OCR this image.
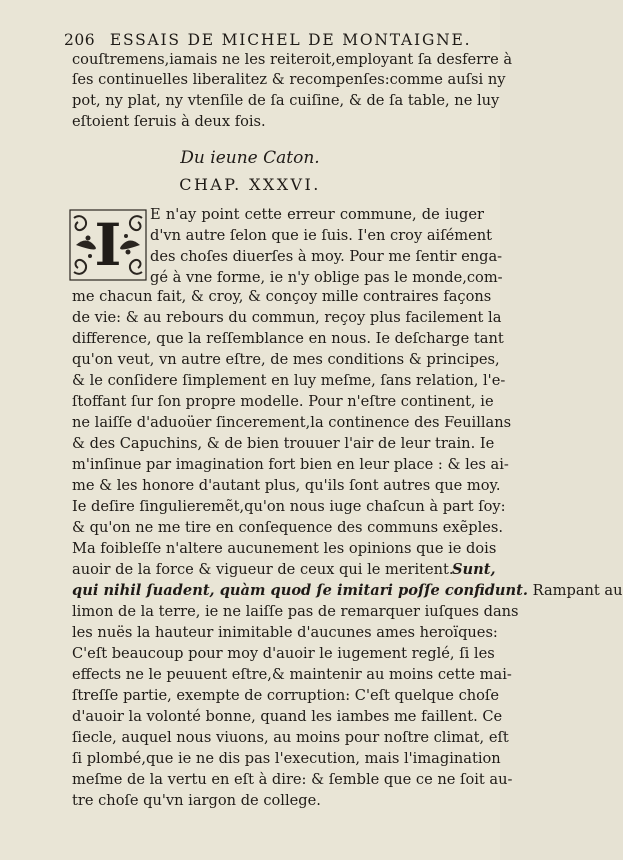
206 ESSAIS DE MICHEL DE MONTAIGNE.
couſtremens,iamais ne les reiteroit,employant ſa desferre à
ſes continuelles liberalitez & recompenſes:comme auſsi ny
pot, ny plat, ny vtenſile de ſa cuiſine, & de ſa table, ne luy
eſtoient ſeruis à deux fois.
Du ieune Caton.
CHAP. XXXVI.
I	E n'ay point cette erreur commune, de iuger
d'vn autre ſelon que ie ſuis. I'en croy aiſément
des choſes diuerſes à moy. Pour me ſentir enga-
gé à vne forme, ie n'y oblige pas le monde,com-
me chacun fait, & croy, & conçoy mille contraires façons
de vie: & au rebours du commun, reçoy plus facilement la
difference, que la reſſemblance en nous. Ie deſcharge tant
qu'on veut, vn autre eſtre, de mes conditions & principes,
& le conſidere ſimplement en luy meſme, ſans relation, l'e-
ſtoffant ſur ſon propre modelle. Pour n'eſtre continent, ie
ne laiſſe d'aduoüer ſincerement,la continence des Feuillans
& des Capuchins, & de bien trouuer l'air de leur train. Ie
m'inſinue par imagination fort bien en leur place : & les ai-
me & les honore d'autant plus, qu'ils ſont autres que moy.
Ie deſire ſingulieremẽt,qu'on nous iuge chaſcun à part ſoy:
& qu'on ne me tire en conſequence des communs exẽples.
Ma foibleſſe n'altere aucunement les opinions que ie dois
auoir de la force & vigueur de ceux qui le meritent.
Sunt,
qui nihil ſuadent, quàm quod ſe imitari poſſe confidunt. Rampant au
limon de la terre, ie ne laiſſe pas de remarquer iuſques dans
les nuës la hauteur inimitable d'aucunes ames heroïques:
C'eſt beaucoup pour moy d'auoir le iugement reglé, ſi les
effects ne le peuuent eſtre,& maintenir au moins cette mai-
ſtreſſe partie, exempte de corruption: C'eſt quelque choſe
d'auoir la volonté bonne, quand les iambes me faillent. Ce
ſiecle, auquel nous viuons, au moins pour noſtre climat, eſt
ſi plombé,que ie ne dis pas l'execution, mais l'imagination
meſme de la vertu en eſt à dire: & ſemble que ce ne ſoit au-
tre choſe qu'vn iargon de college.
